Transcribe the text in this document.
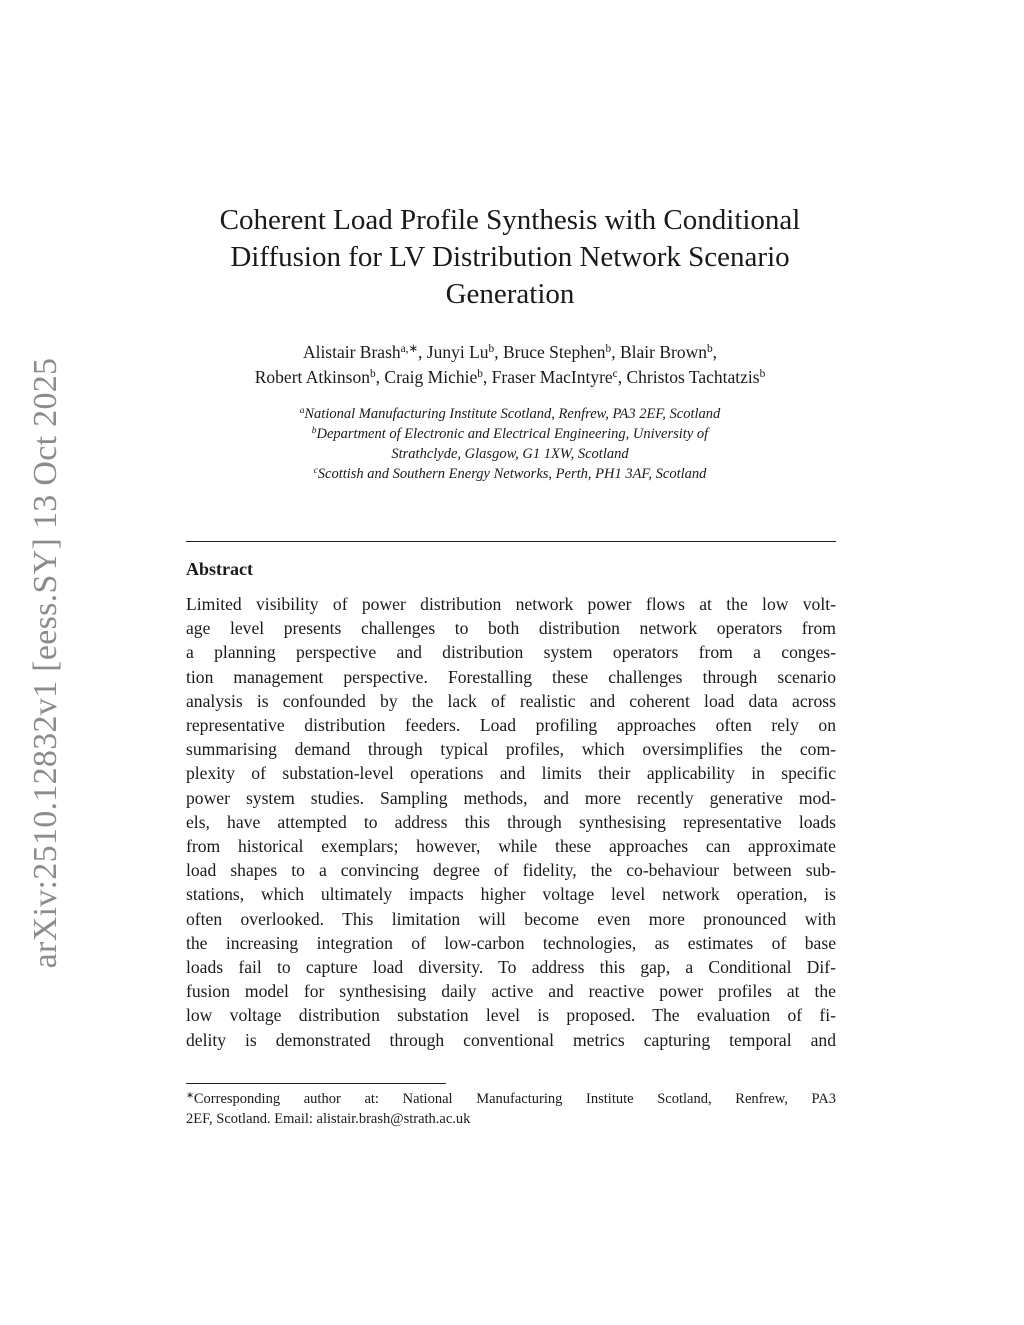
arXiv:2510.12832v1 [eess.SY] 13 Oct 2025
Coherent Load Profile Synthesis with Conditional
Diffusion for LV Distribution Network Scenario
Generation
Alistair Brash$^{a,∗}$, Junyi Lu$^b$, Bruce Stephen$^b$, Blair Brown$^b$,
Robert Atkinson$^b$, Craig Michie$^b$, Fraser MacIntyre$^c$, Christos Tachtatzis$^b$
$^a$National Manufacturing Institute Scotland, Renfrew, PA3 2EF, Scotland
$^b$Department of Electronic and Electrical Engineering, University of
Strathclyde, Glasgow, G1 1XW, Scotland
$^c$Scottish and Southern Energy Networks, Perth, PH1 3AF, Scotland
Abstract
Limited visibility of power distribution network power flows at the low volt-
age level presents challenges to both distribution network operators from
a planning perspective and distribution system operators from a conges-
tion management perspective. Forestalling these challenges through scenario
analysis is confounded by the lack of realistic and coherent load data across
representative distribution feeders. Load profiling approaches often rely on
summarising demand through typical profiles, which oversimplifies the com-
plexity of substation-level operations and limits their applicability in specific
power system studies. Sampling methods, and more recently generative mod-
els, have attempted to address this through synthesising representative loads
from historical exemplars; however, while these approaches can approximate
load shapes to a convincing degree of fidelity, the co-behaviour between sub-
stations, which ultimately impacts higher voltage level network operation, is
often overlooked. This limitation will become even more pronounced with
the increasing integration of low-carbon technologies, as estimates of base
loads fail to capture load diversity. To address this gap, a Conditional Dif-
fusion model for synthesising daily active and reactive power profiles at the
low voltage distribution substation level is proposed. The evaluation of fi-
delity is demonstrated through conventional metrics capturing temporal and
∗Corresponding author at: National Manufacturing Institute Scotland, Renfrew, PA3
2EF, Scotland. Email: alistair.brash@strath.ac.uk
